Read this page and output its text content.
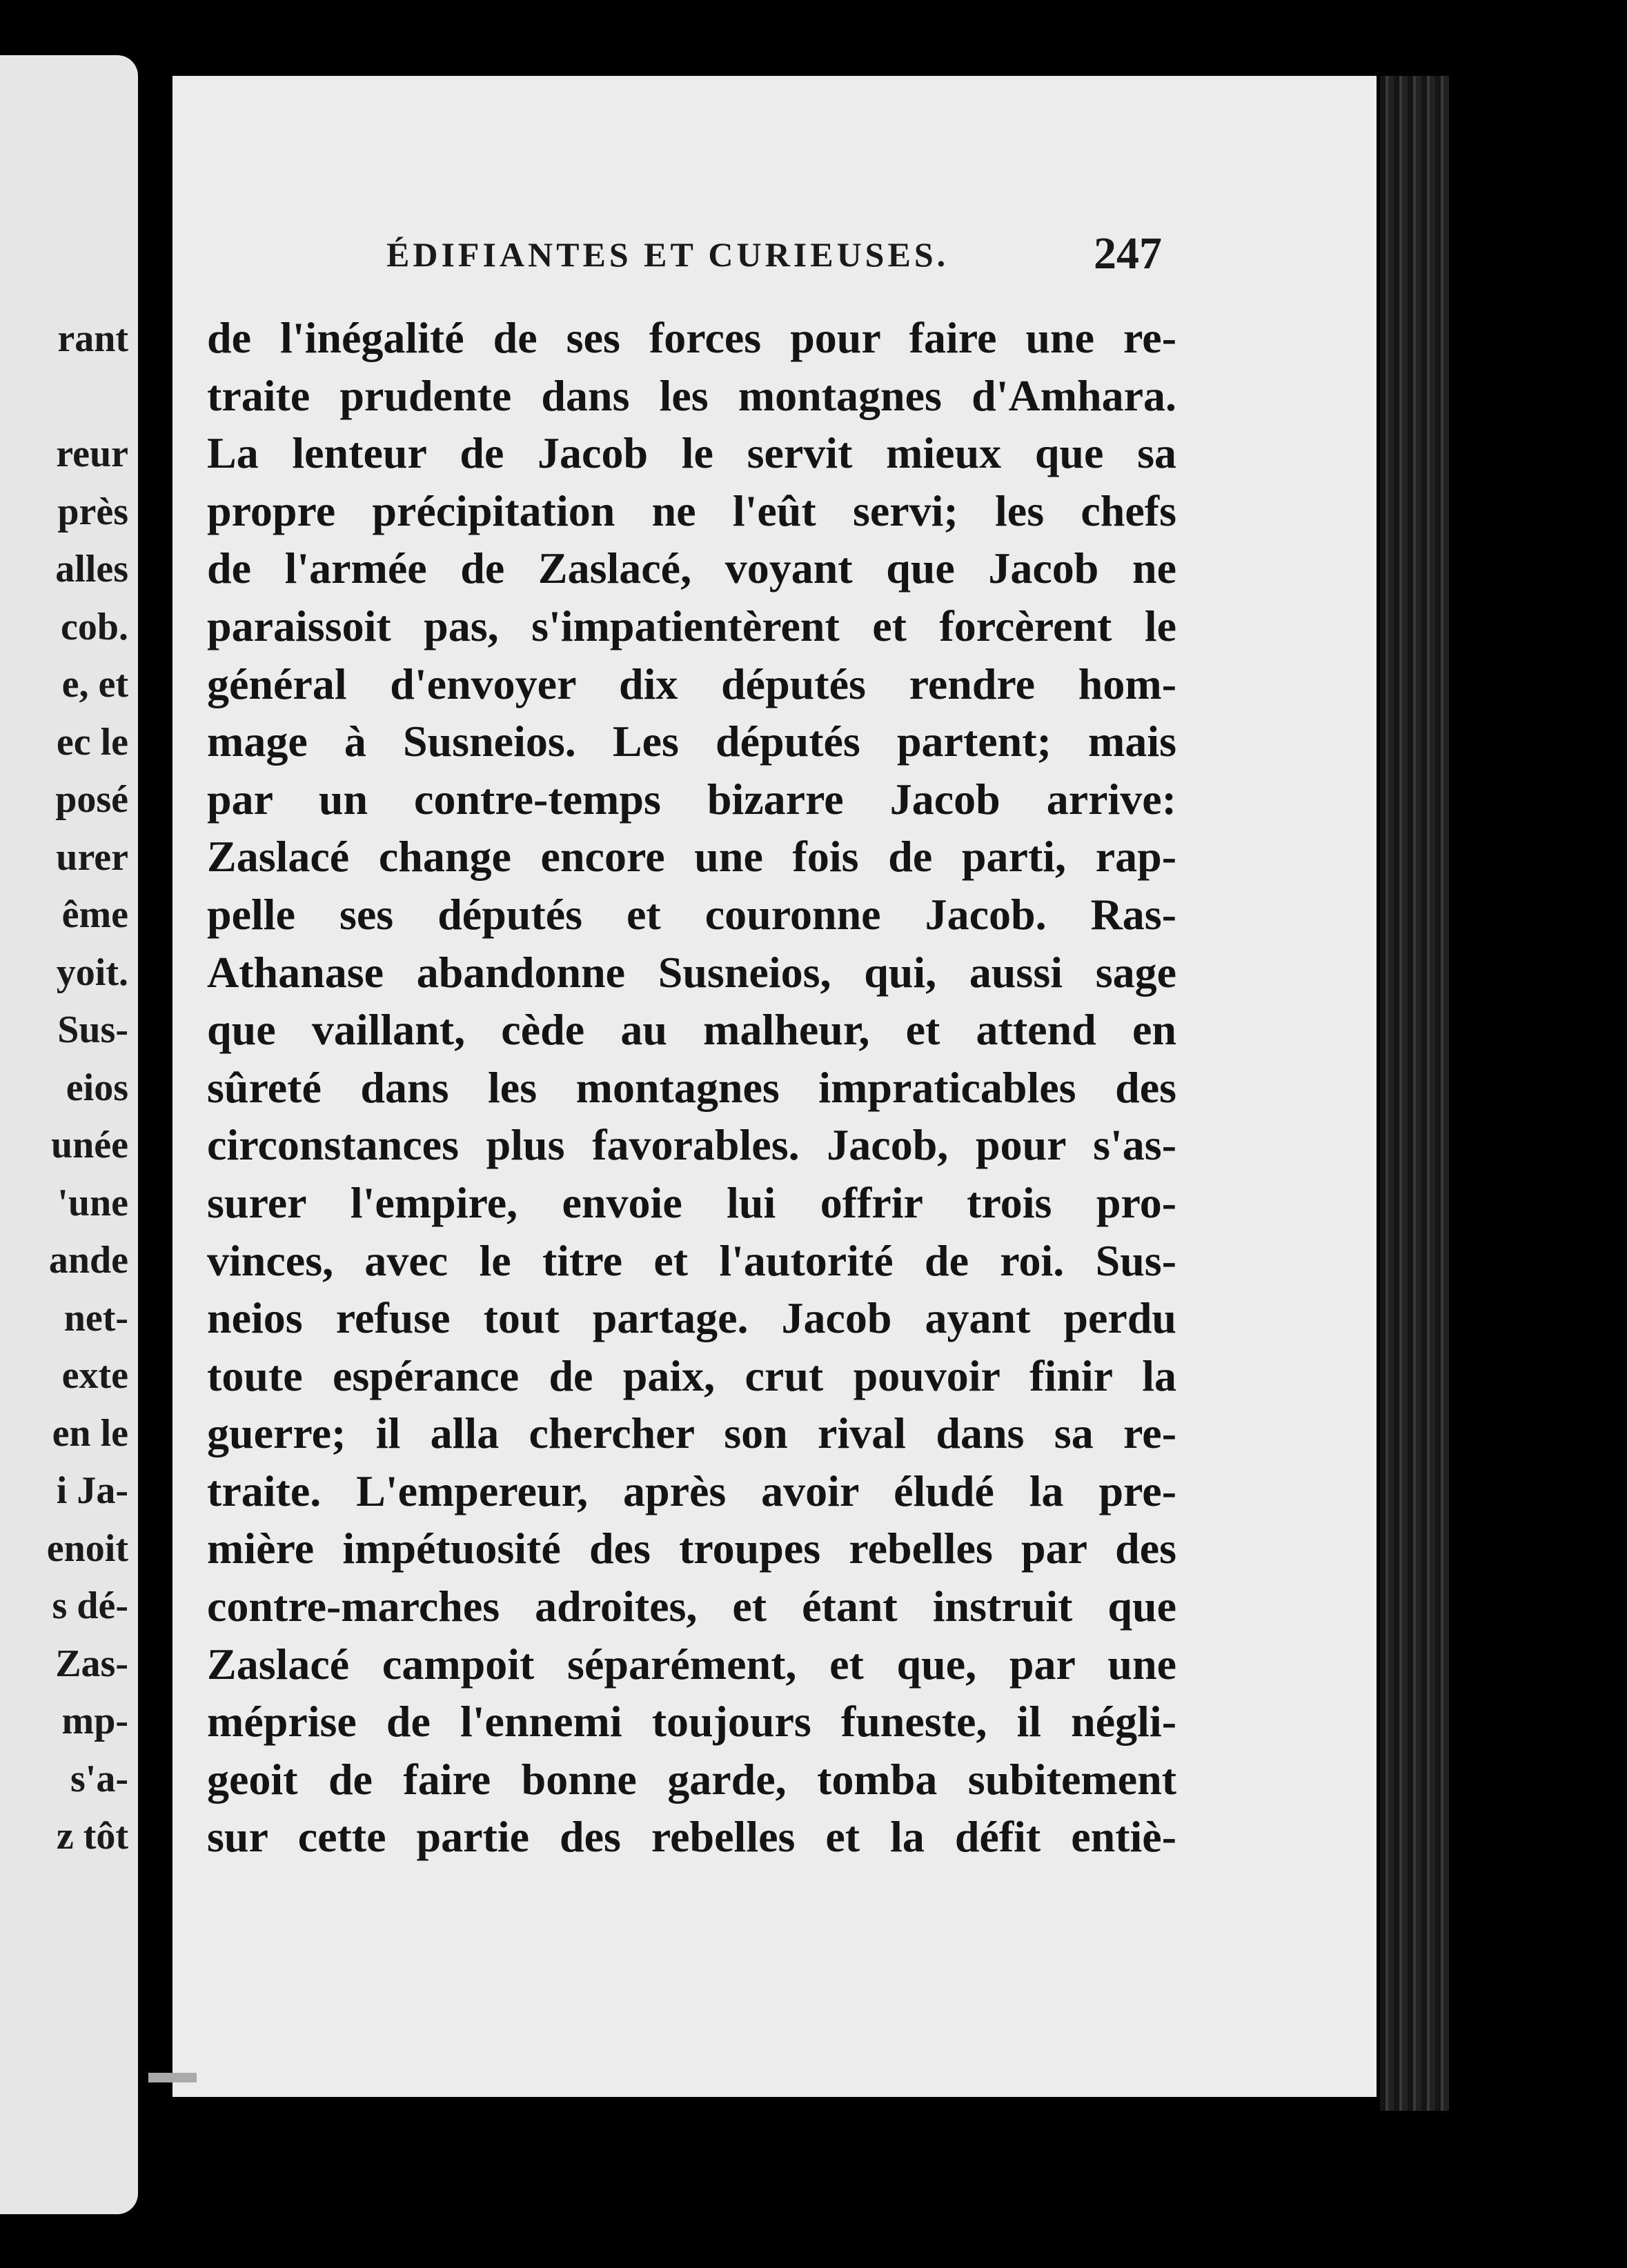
rant
reur
près
alles
cob.
e, et
ec le
posé
urer
ême
yoit.
Sus-
eios
unée
'une
ande
net-
exte
en le
i Ja-
enoit
s dé-
Zas-
mp-
s'a-
z tôt
ÉDIFIANTES ET CURIEUSES.	247
de l'inégalité de ses forces pour faire une re-
traite prudente dans les montagnes d'Amhara.
La lenteur de Jacob le servit mieux que sa
propre précipitation ne l'eût servi; les chefs
de l'armée de Zaslacé, voyant que Jacob ne
paraissoit pas, s'impatientèrent et forcèrent le
général d'envoyer dix députés rendre hom-
mage à Susneios. Les députés partent; mais
par un contre-temps bizarre Jacob arrive:
Zaslacé change encore une fois de parti, rap-
pelle ses députés et couronne Jacob. Ras-
Athanase abandonne Susneios, qui, aussi sage
que vaillant, cède au malheur, et attend en
sûreté dans les montagnes impraticables des
circonstances plus favorables. Jacob, pour s'as-
surer l'empire, envoie lui offrir trois pro-
vinces, avec le titre et l'autorité de roi. Sus-
neios refuse tout partage. Jacob ayant perdu
toute espérance de paix, crut pouvoir finir la
guerre; il alla chercher son rival dans sa re-
traite. L'empereur, après avoir éludé la pre-
mière impétuosité des troupes rebelles par des
contre-marches adroites, et étant instruit que
Zaslacé campoit séparément, et que, par une
méprise de l'ennemi toujours funeste, il négli-
geoit de faire bonne garde, tomba subitement
sur cette partie des rebelles et la défit entiè-
